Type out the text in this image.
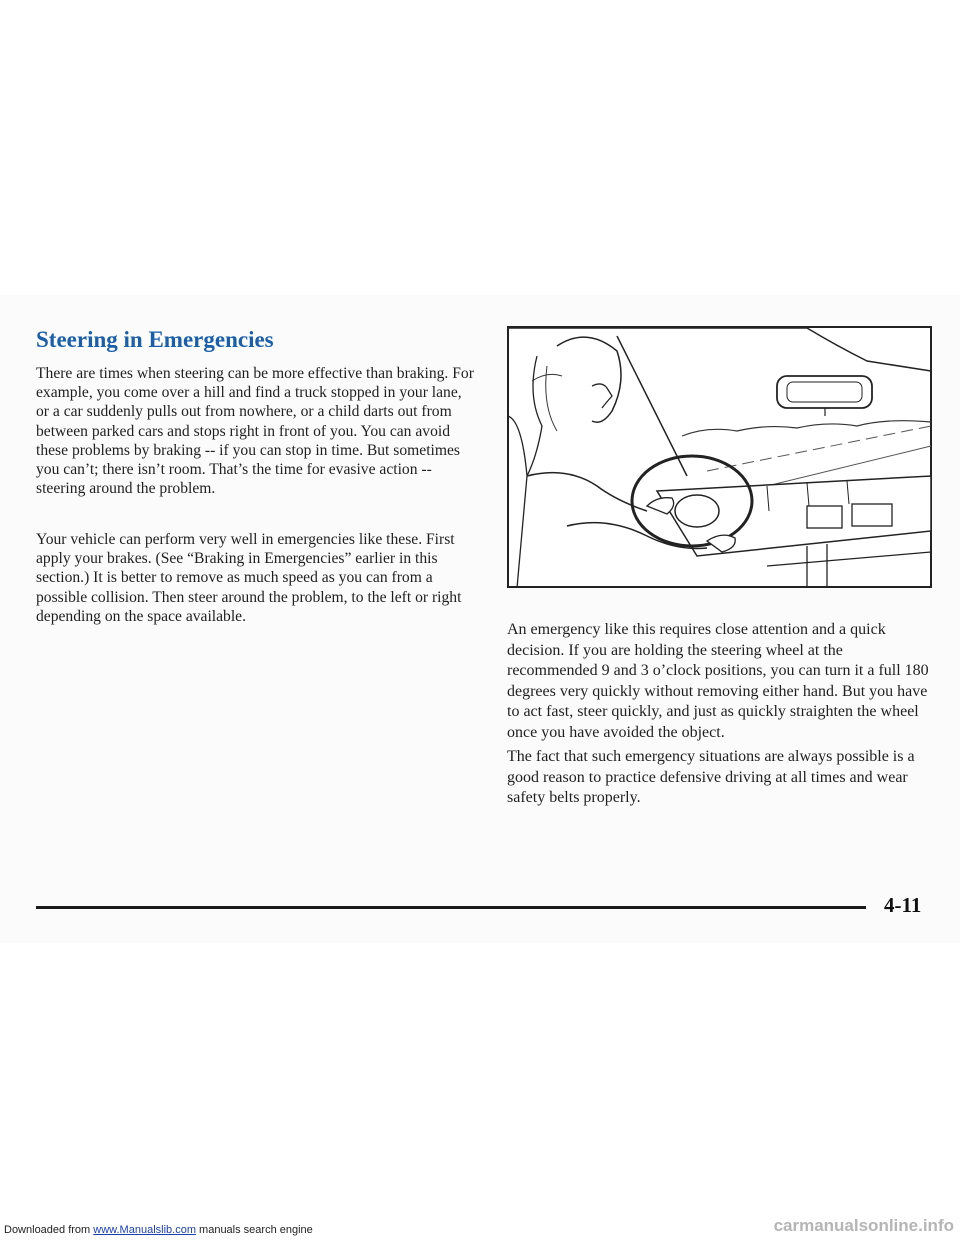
Steering in Emergencies

There are times when steering can be more effective than braking. For example, you come over a hill and find a truck stopped in your lane, or a car suddenly pulls out from nowhere, or a child darts out from between parked cars and stops right in front of you. You can avoid these problems by braking -- if you can stop in time. But sometimes you can’t; there isn’t room. That’s the time for evasive action -- steering around the problem.

Your vehicle can perform very well in emergencies like these. First apply your brakes. (See “Braking in Emergencies” earlier in this section.) It is better to remove as much speed as you can from a possible collision. Then steer around the problem, to the left or right depending on the space available.

An emergency like this requires close attention and a quick decision. If you are holding the steering wheel at the recommended 9 and 3 o’clock positions, you can turn it a full 180 degrees very quickly without removing either hand. But you have to act fast, steer quickly, and just as quickly straighten the wheel once you have avoided the object.

The fact that such emergency situations are always possible is a good reason to practice defensive driving at all times and wear safety belts properly.

4-11
Downloaded from www.Manualslib.com manuals search engine	carmanualsonline.info
